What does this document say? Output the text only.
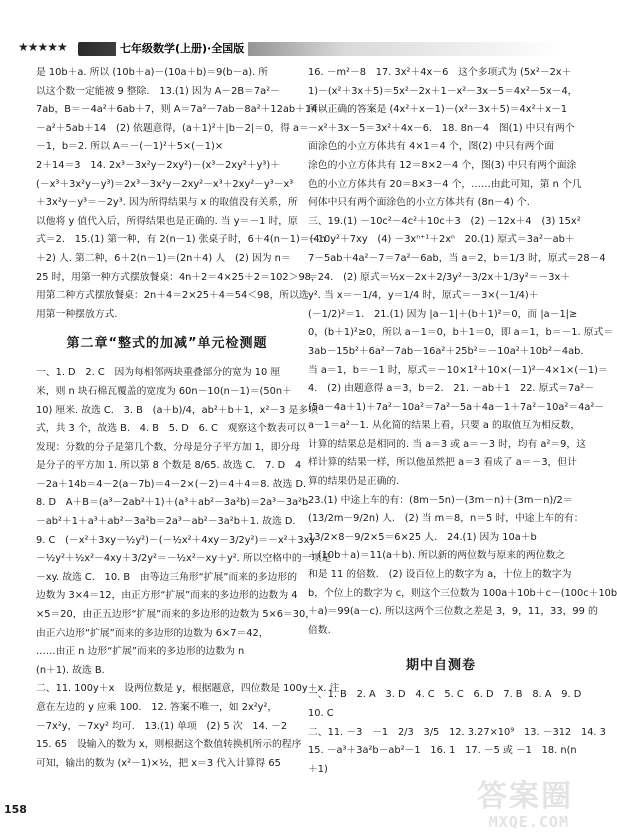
★★★★★	七年级数学(上册)·全国版
是 10b＋a. 所以 (10b＋a)－(10a＋b)＝9(b－a). 所
以这个数一定能被 9 整除.　13.(1) 因为 A－2B＝7a²－
7ab，B＝－4a²＋6ab＋7，则 A＝7a²－7ab－8a²＋12ab＋14＝
－a²＋5ab＋14　(2) 依题意得，(a＋1)²＋|b－2|＝0，得 a＝
－1，b＝2. 所以 A＝－(－1)²＋5×(－1)×
2＋14＝3　14. 2x³－3x²y－2xy²)－(x³－2xy²＋y³)＋
(－x³＋3x²y－y³)＝2x³－3x²y－2xy²－x³＋2xy²－y³－x³
＋3x²y－y³＝－2y³. 因为所得结果与 x 的取值没有关系，所
以他将 y 值代入后，所得结果也是正确的. 当 y＝－1 时，原
式＝2.　15.(1) 第一种，有 2(n－1) 张桌子时，6＋4(n－1)＝(4n
＋2) 人. 第二种，6＋2(n－1)＝(2n＋4) 人　(2) 因为 n＝
25 时，用第一种方式摆放餐桌：4n＋2＝4×25＋2＝102＞98，
用第二种方式摆放餐桌：2n＋4＝2×25＋4＝54＜98，所以选
用第一种摆放方式.
第二章“整式的加减”单元检测题
一、1. D　2. C　因为每相邻两块重叠部分的宽为 10 厘
米，则 n 块石棉瓦覆盖的宽度为 60n－10(n－1)＝(50n＋
10) 厘米. 故选 C.　3. B　(a＋b)/4，ab²＋b＋1，x²－3 是多项
式，共 3 个，故选 B.　4. B　5. D　6. C　观察这个数表可以
发现：分数的分子是第几个数，分母是分子平方加 1，即分母
是分子的平方加 1. 所以第 8 个数是 8/65. 故选 C.　7. D　4
－2a＋14b＝4－2(a－7b)＝4－2×(－2)＝4＋4＝8. 故选 D.
8. D　A＋B＝(a³－2ab²＋1)＋(a³＋ab²－3a²b)＝2a³－3a²b
－ab²＋1＋a³＋ab²－3a²b＝2a³－ab²－3a²b＋1. 故选 D.
9. C　(－x²＋3xy－½y²)－(－½x²＋4xy－3/2y²)＝－x²＋3xy
－½y²＋½x²－4xy＋3/2y²＝－½x²－xy＋y². 所以空格中的一项是
－xy. 故选 C.　10. B　由等边三角形“扩展”而来的多边形的
边数为 3×4＝12，由正方形“扩展”而来的多边形的边数为 4
×5＝20，由正五边形“扩展”而来的多边形的边数为 5×6＝30，
由正六边形“扩展”而来的多边形的边数为 6×7＝42，
……由正 n 边形“扩展”而来的多边形的边数为 n
(n＋1). 故选 B.
二、11. 100y＋x　设两位数是 y，根据题意，四位数是 100y＋x. 注
意在左边的 y 应乘 100.　12. 答案不唯一，如 2x²y²，
－7x²y，－7xy² 均可.　13.(1) 单项　(2) 5 次　14. －2
15. 65　设输入的数为 x，则根据这个数值转换机所示的程序
可知，输出的数为 (x²－1)×½，把 x＝3 代入计算得 65
16. －m²－8　17. 3x²＋4x－6　这个多项式为 (5x²－2x＋
1)－(x²＋3x＋5)＝5x²－2x＋1－x²－3x－5＝4x²－5x－4，
所以正确的答案是 (4x²＋x－1)－(x²－3x＋5)＝4x²＋x－1
－x²＋3x－5＝3x²＋4x－6.　18. 8n－4　图(1) 中只有两个
面涂色的小立方体共有 4×1＝4 个，图(2) 中只有两个面
涂色的小立方体共有 12＝8×2－4 个，图(3) 中只有两个面涂
色的小立方体共有 20＝8×3－4 个，……由此可知，第 n 个几
何体中只有两个面涂色的小立方体共有 (8n－4) 个.
三、19.(1) －10c²－4c²＋10c＋3　(2) －12x＋4　(3) 15x²
－10y²＋7xy　(4) －3xⁿ⁺¹＋2xⁿ　20.(1) 原式＝3a²－ab＋
7－5ab＋4a²－7＝7a²－6ab，当 a＝2，b＝1/3 时，原式＝28－4
＝24.　(2) 原式＝½x－2x＋2/3y²－3/2x＋1/3y²＝－3x＋
y². 当 x＝－1/4，y＝1/4 时，原式＝－3×(－1/4)＋
(－1/2)²＝1.　21.(1) 因为 |a－1|＋(b＋1)²＝0，而 |a－1|≥
0，(b＋1)²≥0，所以 a－1＝0，b＋1＝0，即 a＝1，b＝－1. 原式＝
3ab－15b²＋6a²－7ab－16a²＋25b²＝－10a²＋10b²－4ab.
当 a＝1，b＝－1 时，原式＝－10×1²＋10×(－1)²－4×1×(－1)＝
4.　(2) 由题意得 a＝3，b＝2.　21. －ab＋1　22. 原式＝7a²－
(5a－4a＋1)＋7a²－10a²＝7a²－5a＋4a－1＋7a²－10a²＝4a²－
a－1＝a²－1. 从化简的结果上看，只要 a 的取值互为相反数，
计算的结果总是相同的. 当 a＝3 或 a＝－3 时，均有 a²＝9，这
样计算的结果一样，所以他虽然把 a＝3 看成了 a＝－3，但计
算的结果仍是正确的.
23.(1) 中途上车的有：(8m－5n)－(3m－n)＋(3m－n)/2＝
(13/2m－9/2n) 人.　(2) 当 m＝8，n＝5 时，中途上车的有：
13/2×8－9/2×5＝6×25 人.　24.(1) 因为 10a＋b
＋(10b＋a)＝11(a＋b). 所以新的两位数与原来的两位数之
和是 11 的倍数.　(2) 设百位上的数字为 a，十位上的数字为
b，个位上的数字为 c，则这个三位数为 100a＋10b＋c－(100c＋10b
＋a)＝99(a－c). 所以这两个三位数之差是 3，9，11，33，99 的
倍数.
期中自测卷
一、1. B　2. A　3. D　4. C　5. C　6. D　7. B　8. A　9. D
10. C
二、11. －3　－1　2/3　3/5　12. 3.27×10⁹　13. －312　14. 3
15. －a³＋3a²b－ab²－1　16. 1　17. －5 或 －1　18. n(n
＋1)
158	答案圈
MXQE.COM
